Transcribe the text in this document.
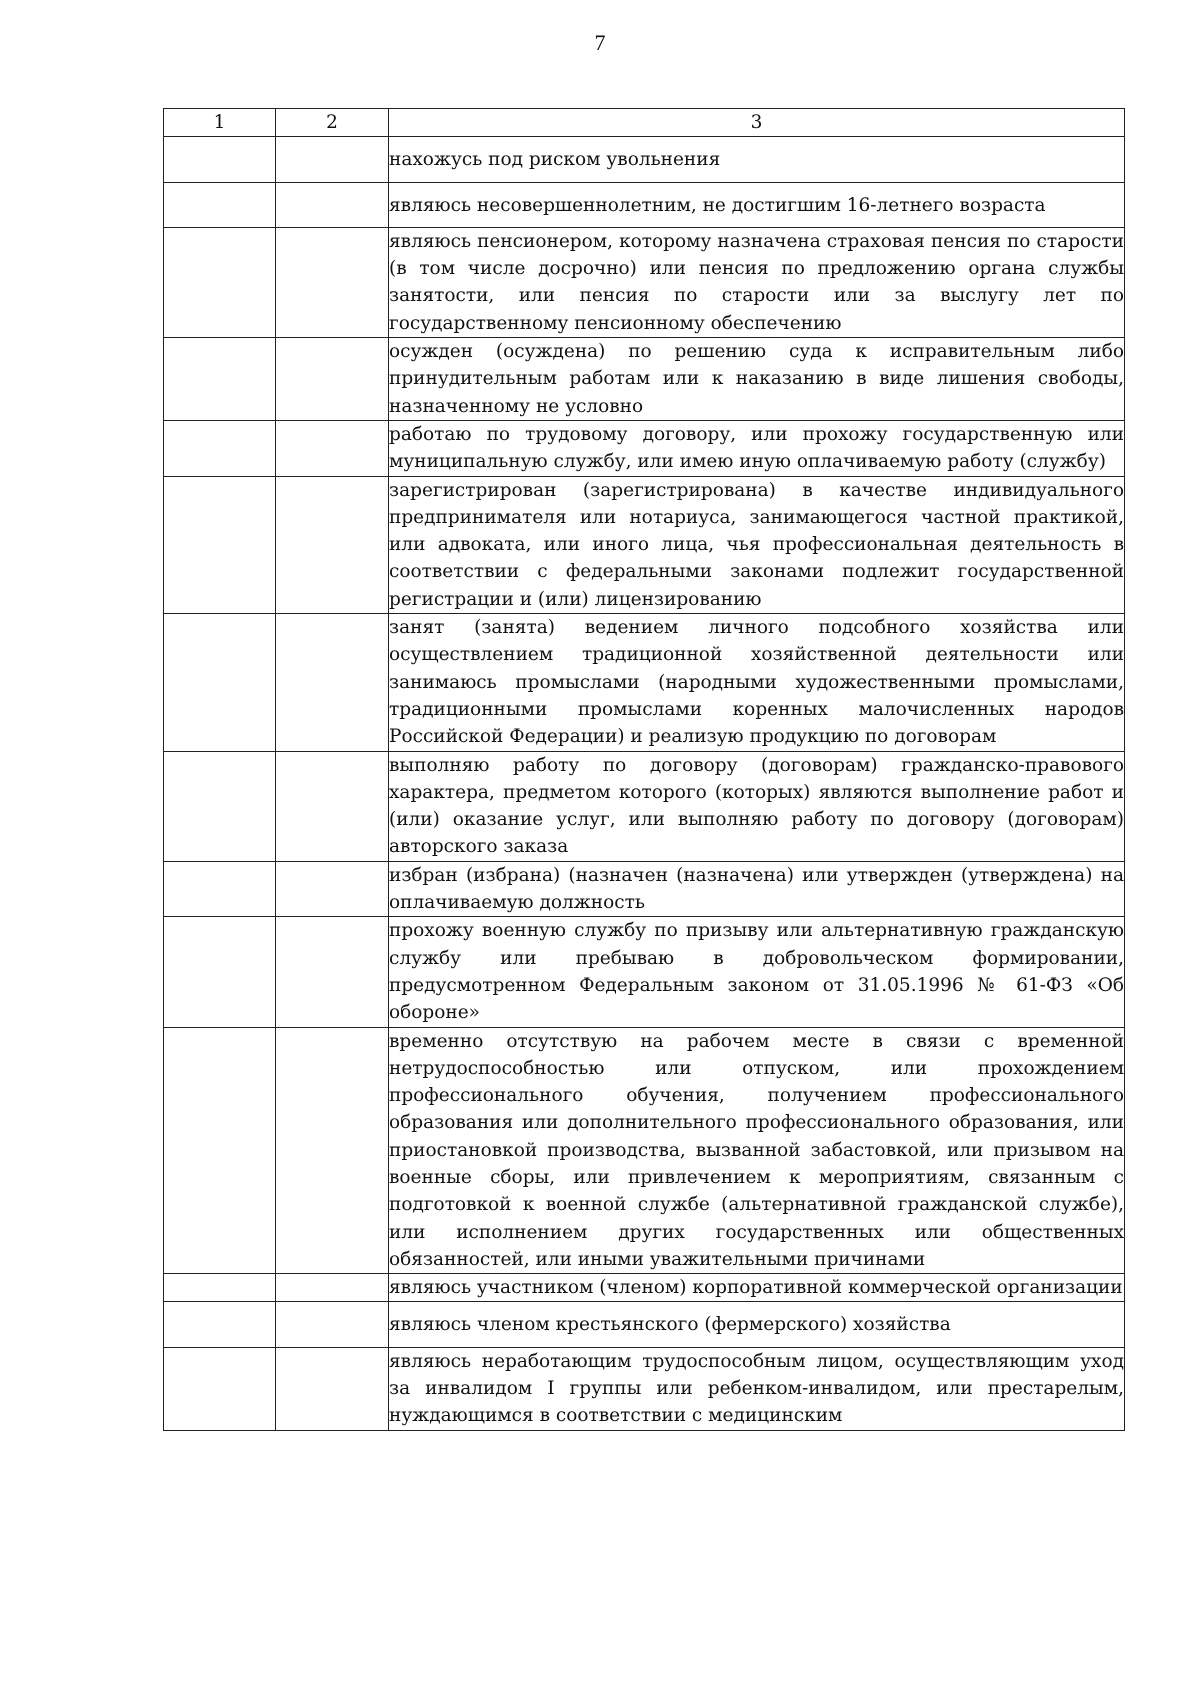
7
1	2	3

		нахожусь под риском увольнения

		являюсь несовершеннолетним, не достигшим 16-летнего возраста

		являюсь пенсионером, которому назначена страховая пенсия по старости (в том числе досрочно) или пенсия по предложению органа службы занятости, или пенсия по старости или за выслугу лет по государственному пенсионному обеспечению

		осужден (осуждена) по решению суда к исправительным либо принудительным работам или к наказанию в виде лишения свободы, назначенному не условно

		работаю по трудовому договору, или прохожу государственную или муниципальную службу, или имею иную оплачиваемую работу (службу)

		зарегистрирован (зарегистрирована) в качестве индивидуального предпринимателя или нотариуса, занимающегося частной практикой, или адвоката, или иного лица, чья профессиональная деятельность в соответствии с федеральными законами подлежит государственной регистрации и (или) лицензированию

		занят (занята) ведением личного подсобного хозяйства или осуществлением традиционной хозяйственной деятельности или занимаюсь промыслами (народными художественными промыслами, традиционными промыслами коренных малочисленных народов Российской Федерации) и реализую продукцию по договорам

		выполняю работу по договору (договорам) гражданско-правового характера, предметом которого (которых) являются выполнение работ и (или) оказание услуг, или выполняю работу по договору (договорам) авторского заказа

		избран (избрана) (назначен (назначена) или утвержден (утверждена) на оплачиваемую должность

		прохожу военную службу по призыву или альтернативную гражданскую службу или пребываю в добровольческом формировании, предусмотренном Федеральным законом от 31.05.1996 № 61-ФЗ «Об обороне»

		временно отсутствую на рабочем месте в связи с временной нетрудоспособностью или отпуском, или прохождением профессионального обучения, получением профессионального образования или дополнительного профессионального образования, или приостановкой производства, вызванной забастовкой, или призывом на военные сборы, или привлечением к мероприятиям, связанным с подготовкой к военной службе (альтернативной гражданской службе), или исполнением других государственных или общественных обязанностей, или иными уважительными причинами

		являюсь участником (членом) корпоративной коммерческой организации

		являюсь членом крестьянского (фермерского) хозяйства

		являюсь неработающим трудоспособным лицом, осуществляющим уход за инвалидом I группы или ребенком-инвалидом, или престарелым, нуждающимся в соответствии с медицинским
